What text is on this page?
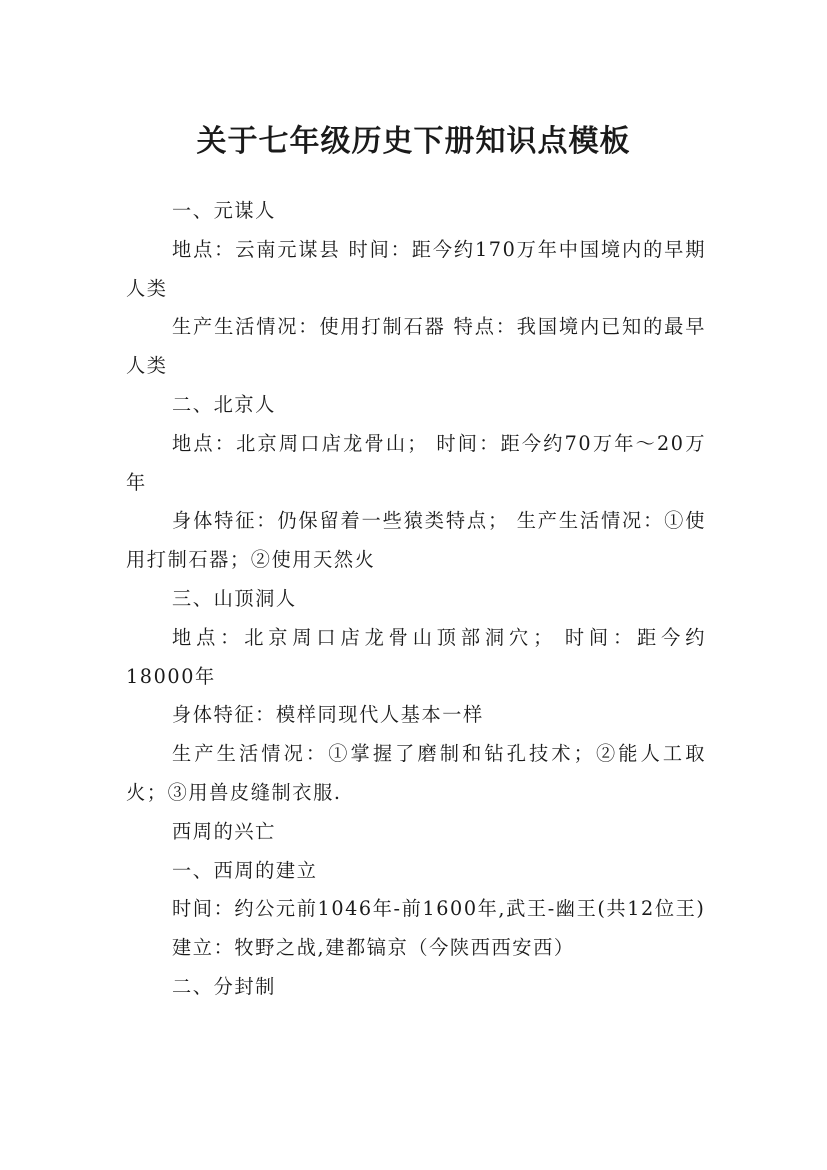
关于七年级历史下册知识点模板

一、元谋人

地点：云南元谋县 时间：距今约170万年中国境内的早期人类

生产生活情况：使用打制石器 特点：我国境内已知的最早人类

二、北京人

地点：北京周口店龙骨山； 时间：距今约70万年～20万年

身体特征：仍保留着一些猿类特点； 生产生活情况：①使用打制石器；②使用天然火

三、山顶洞人

地点：北京周口店龙骨山顶部洞穴； 时间：距今约18000年

身体特征：模样同现代人基本一样

生产生活情况：①掌握了磨制和钻孔技术；②能人工取火；③用兽皮缝制衣服.

西周的兴亡

一、西周的建立

时间：约公元前1046年-前1600年,武王-幽王(共12位王)

建立：牧野之战,建都镐京（今陕西西安西）

二、分封制
